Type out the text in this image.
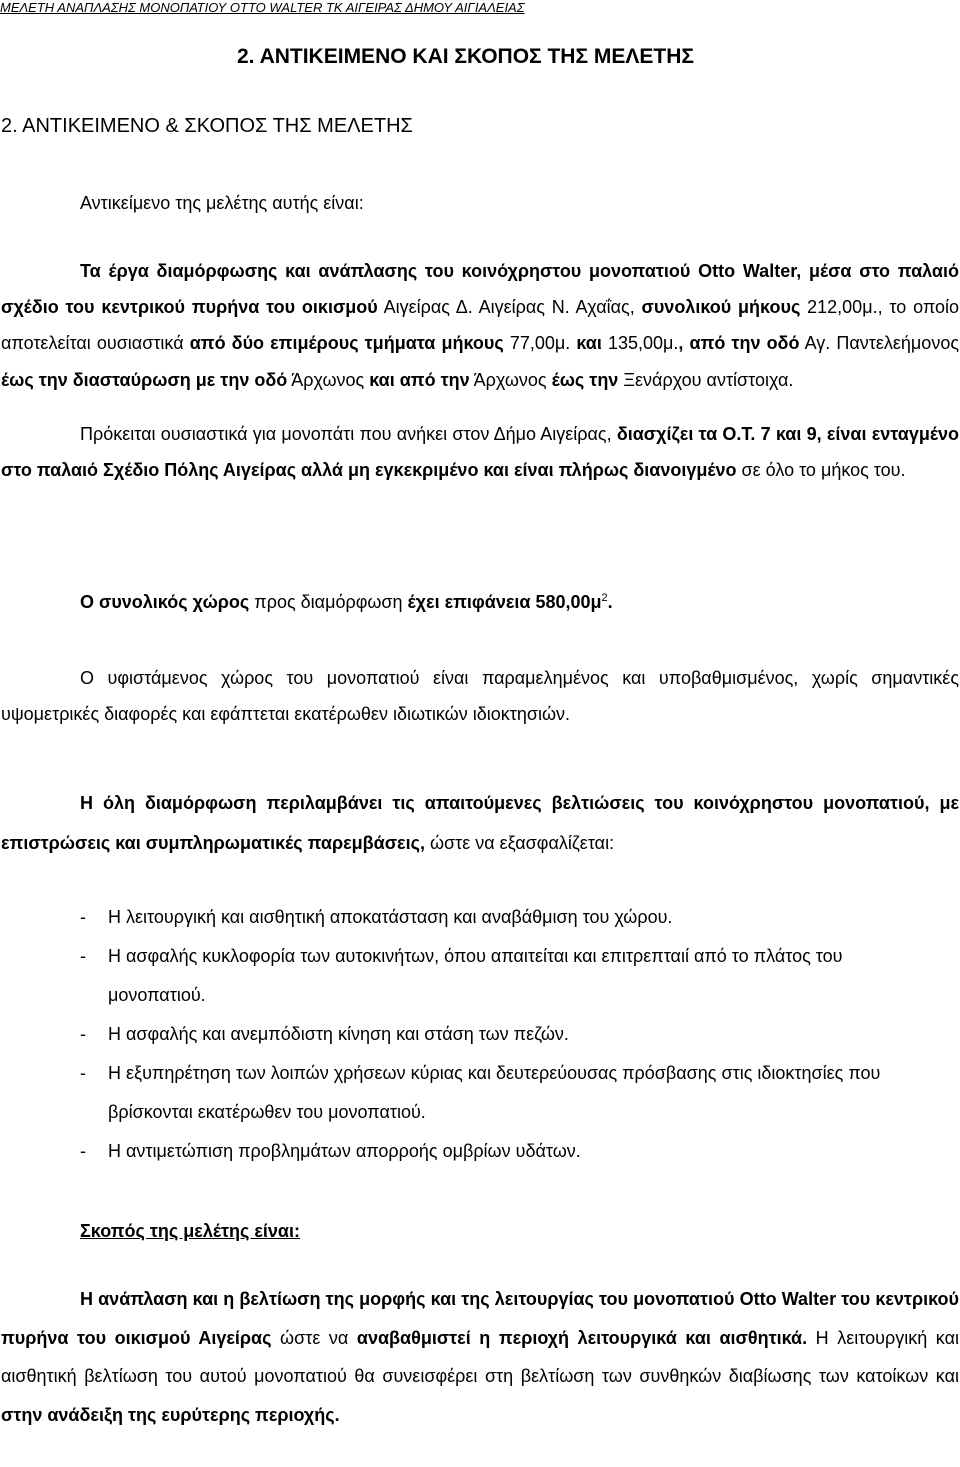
ΜΕΛΕΤΗ ΑΝΑΠΛΑΣΗΣ ΜΟΝΟΠΑΤΙΟΥ OTTO WALTER ΤΚ ΑΙΓΕΙΡΑΣ ΔΗΜΟΥ ΑΙΓΙΑΛΕΙΑΣ
2. ΑΝΤΙΚΕΙΜΕΝΟ ΚΑΙ ΣΚΟΠΟΣ ΤΗΣ ΜΕΛΕΤΗΣ
2. ΑΝΤΙΚΕΙΜΕΝΟ & ΣΚΟΠΟΣ ΤΗΣ ΜΕΛΕΤΗΣ
Αντικείμενο της μελέτης αυτής είναι:

Τα έργα διαμόρφωσης και ανάπλασης του κοινόχρηστου μονοπατιού Otto Walter, μέσα στο παλαιό σχέδιο του κεντρικού πυρήνα του οικισμού Αιγείρας Δ. Αιγείρας Ν. Αχαΐας, συνολικού μήκους 212,00μ., το οποίο αποτελείται ουσιαστικά από δύο επιμέρους τμήματα μήκους 77,00μ. και 135,00μ., από την οδό Αγ. Παντελεήμονος έως την διασταύρωση με την οδό Άρχωνος και από την Άρχωνος έως την Ξενάρχου αντίστοιχα.

Πρόκειται ουσιαστικά για μονοπάτι που ανήκει στον Δήμο Αιγείρας, διασχίζει τα Ο.Τ. 7 και 9, είναι ενταγμένο στο παλαιό Σχέδιο Πόλης Αιγείρας αλλά μη εγκεκριμένο και είναι πλήρως διανοιγμένο σε όλο το μήκος του.

Ο συνολικός χώρος προς διαμόρφωση έχει επιφάνεια $580,00\mu^2$.

Ο υφιστάμενος χώρος του μονοπατιού είναι παραμελημένος και υποβαθμισμένος, χωρίς σημαντικές υψομετρικές διαφορές και εφάπτεται εκατέρωθεν ιδιωτικών ιδιοκτησιών.

Η όλη διαμόρφωση περιλαμβάνει τις απαιτούμενες βελτιώσεις του κοινόχρηστου μονοπατιού, με επιστρώσεις και συμπληρωματικές παρεμβάσεις, ώστε να εξασφαλίζεται:

- Η λειτουργική και αισθητική αποκατάσταση και αναβάθμιση του χώρου.
- Η ασφαλής κυκλοφορία των αυτοκινήτων, όπου απαιτείται και επιτρεπταιί από το πλάτος του μονοπατιού.
- Η ασφαλής και ανεμπόδιστη κίνηση και στάση των πεζών.
- Η εξυπηρέτηση των λοιπών χρήσεων κύριας και δευτερεύουσας πρόσβασης στις ιδιοκτησίες που βρίσκονται εκατέρωθεν του μονοπατιού.
- Η αντιμετώπιση προβλημάτων απορροής ομβρίων υδάτων.
Σκοπός της μελέτης είναι:

Η ανάπλαση και η βελτίωση της μορφής και της λειτουργίας του μονοπατιού Otto Walter του κεντρικού πυρήνα του οικισμού Αιγείρας ώστε να αναβαθμιστεί η περιοχή λειτουργικά και αισθητικά. Η λειτουργική και αισθητική βελτίωση του αυτού μονοπατιού θα συνεισφέρει στη βελτίωση των συνθηκών διαβίωσης των κατοίκων και στην ανάδειξη της ευρύτερης περιοχής.
